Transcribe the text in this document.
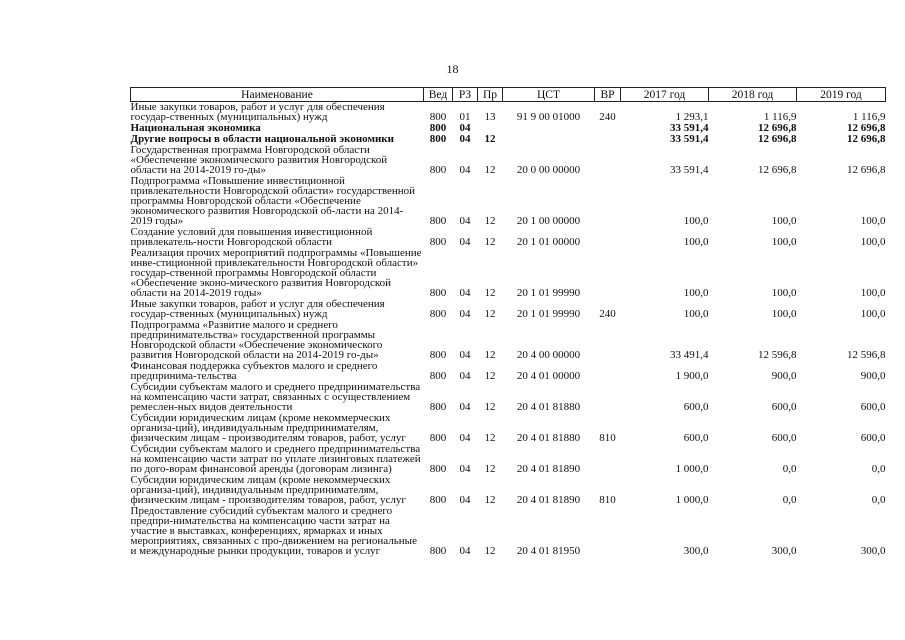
18
Наименование	Вед	РЗ	Пр	ЦСТ	ВР	2017 год	2018 год	2019 год
Иные закупки товаров, работ и услуг для обеспечения государ-ственных (муниципальных) нужд	800	01	13	91 9 00 01000	240	1 293,1	1 116,9	1 116,9
Национальная экономика	800	04				33 591,4	12 696,8	12 696,8
Другие вопросы в области национальной экономики	800	04	12			33 591,4	12 696,8	12 696,8
Государственная программа Новгородской области «Обеспечение экономического развития Новгородской области на 2014-2019 го-ды»	800	04	12	20 0 00 00000		33 591,4	12 696,8	12 696,8
Подпрограмма «Повышение инвестиционной привлекательности Новгородской области» государственной программы Новгородской области «Обеспечение экономического развития Новгородской об-ласти на 2014-2019 годы»	800	04	12	20 1 00 00000		100,0	100,0	100,0
Создание условий для повышения инвестиционной привлекатель-ности Новгородской области	800	04	12	20 1 01 00000		100,0	100,0	100,0
Реализация прочих мероприятий подпрограммы «Повышение инве-стиционной привлекательности Новгородской области» государ-ственной программы Новгородской области «Обеспечение эконо-мического развития Новгородской области на 2014-2019 годы»	800	04	12	20 1 01 99990		100,0	100,0	100,0
Иные закупки товаров, работ и услуг для обеспечения государ-ственных (муниципальных) нужд	800	04	12	20 1 01 99990	240	100,0	100,0	100,0
Подпрограмма «Развитие малого и среднего предпринимательства» государственной программы Новгородской области «Обеспечение экономического развития Новгородской области на 2014-2019 го-ды»	800	04	12	20 4 00 00000		33 491,4	12 596,8	12 596,8
Финансовая поддержка субъектов малого и среднего предпринима-тельства	800	04	12	20 4 01 00000		1 900,0	900,0	900,0
Субсидии субъектам малого и среднего предпринимательства на компенсацию части затрат, связанных с осуществлением ремеслен-ных видов деятельности	800	04	12	20 4 01 81880		600,0	600,0	600,0
Субсидии юридическим лицам (кроме некоммерческих организа-ций), индивидуальным предпринимателям, физическим лицам - производителям товаров, работ, услуг	800	04	12	20 4 01 81880	810	600,0	600,0	600,0
Субсидии субъектам малого и среднего предпринимательства на компенсацию части затрат по уплате лизинговых платежей по дого-ворам финансовой аренды (договорам лизинга)	800	04	12	20 4 01 81890		1 000,0	0,0	0,0
Субсидии юридическим лицам (кроме некоммерческих организа-ций), индивидуальным предпринимателям, физическим лицам - производителям товаров, работ, услуг	800	04	12	20 4 01 81890	810	1 000,0	0,0	0,0
Предоставление субсидий субъектам малого и среднего предпри-нимательства на компенсацию части затрат на участие в выставках, конференциях, ярмарках и иных мероприятиях, связанных с про-движением на региональные и международные рынки продукции, товаров и услуг	800	04	12	20 4 01 81950		300,0	300,0	300,0
